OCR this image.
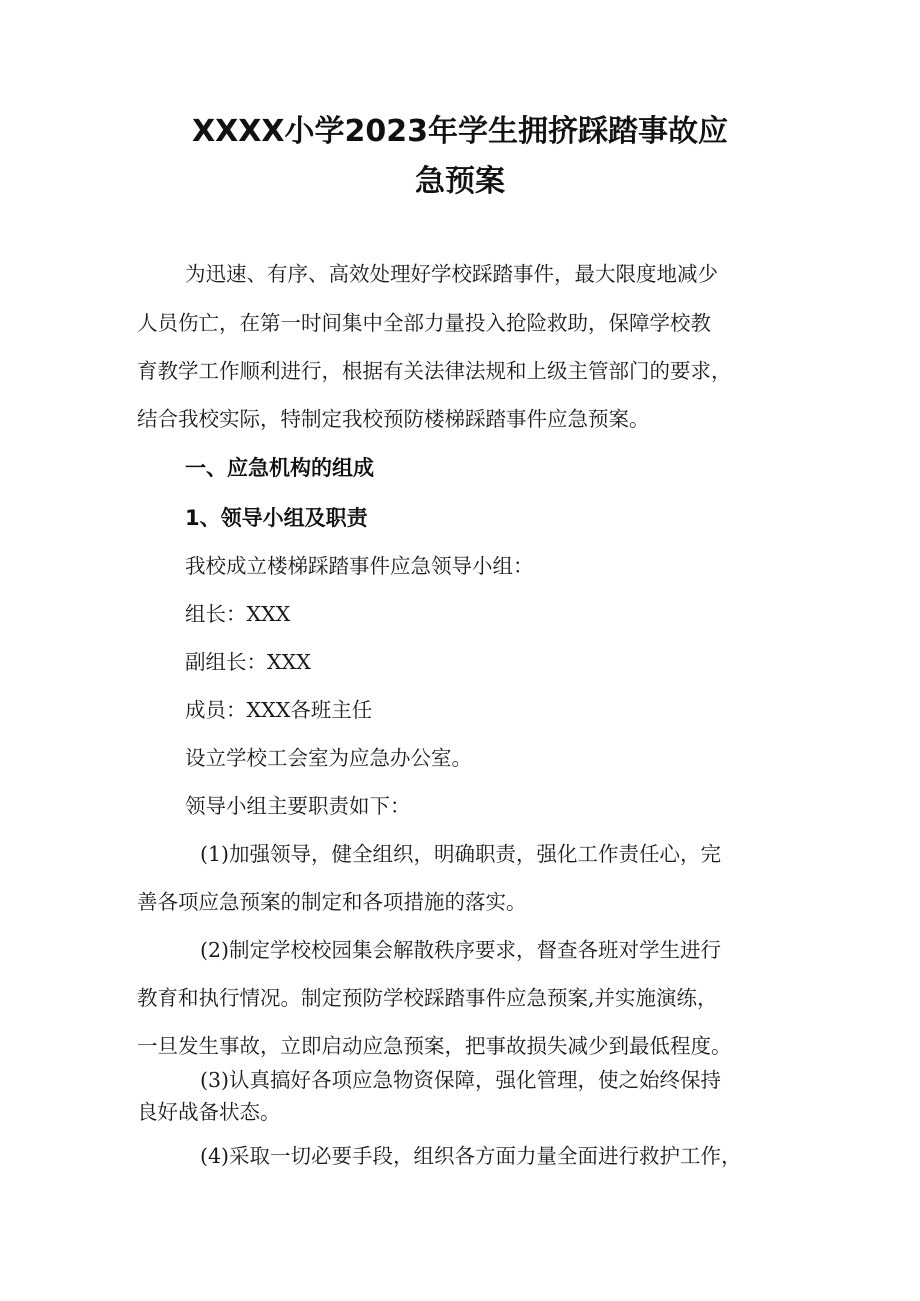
XXXX小学2023年学生拥挤踩踏事故应
急预案
为迅速、有序、高效处理好学校踩踏事件，最大限度地减少
人员伤亡，在第一时间集中全部力量投入抢险救助，保障学校教
育教学工作顺利进行，根据有关法律法规和上级主管部门的要求，
结合我校实际，特制定我校预防楼梯踩踏事件应急预案。
一、应急机构的组成
1、领导小组及职责
我校成立楼梯踩踏事件应急领导小组：
组长：XXX
副组长：XXX
成员：XXX各班主任
设立学校工会室为应急办公室。
领导小组主要职责如下：
(1)加强领导，健全组织，明确职责，强化工作责任心，完
善各项应急预案的制定和各项措施的落实。
(2)制定学校校园集会解散秩序要求，督查各班对学生进行
教育和执行情况。制定预防学校踩踏事件应急预案,并实施演练，
一旦发生事故，立即启动应急预案，把事故损失减少到最低程度。
(3)认真搞好各项应急物资保障，强化管理，使之始终保持
良好战备状态。
(4)采取一切必要手段，组织各方面力量全面进行救护工作，
